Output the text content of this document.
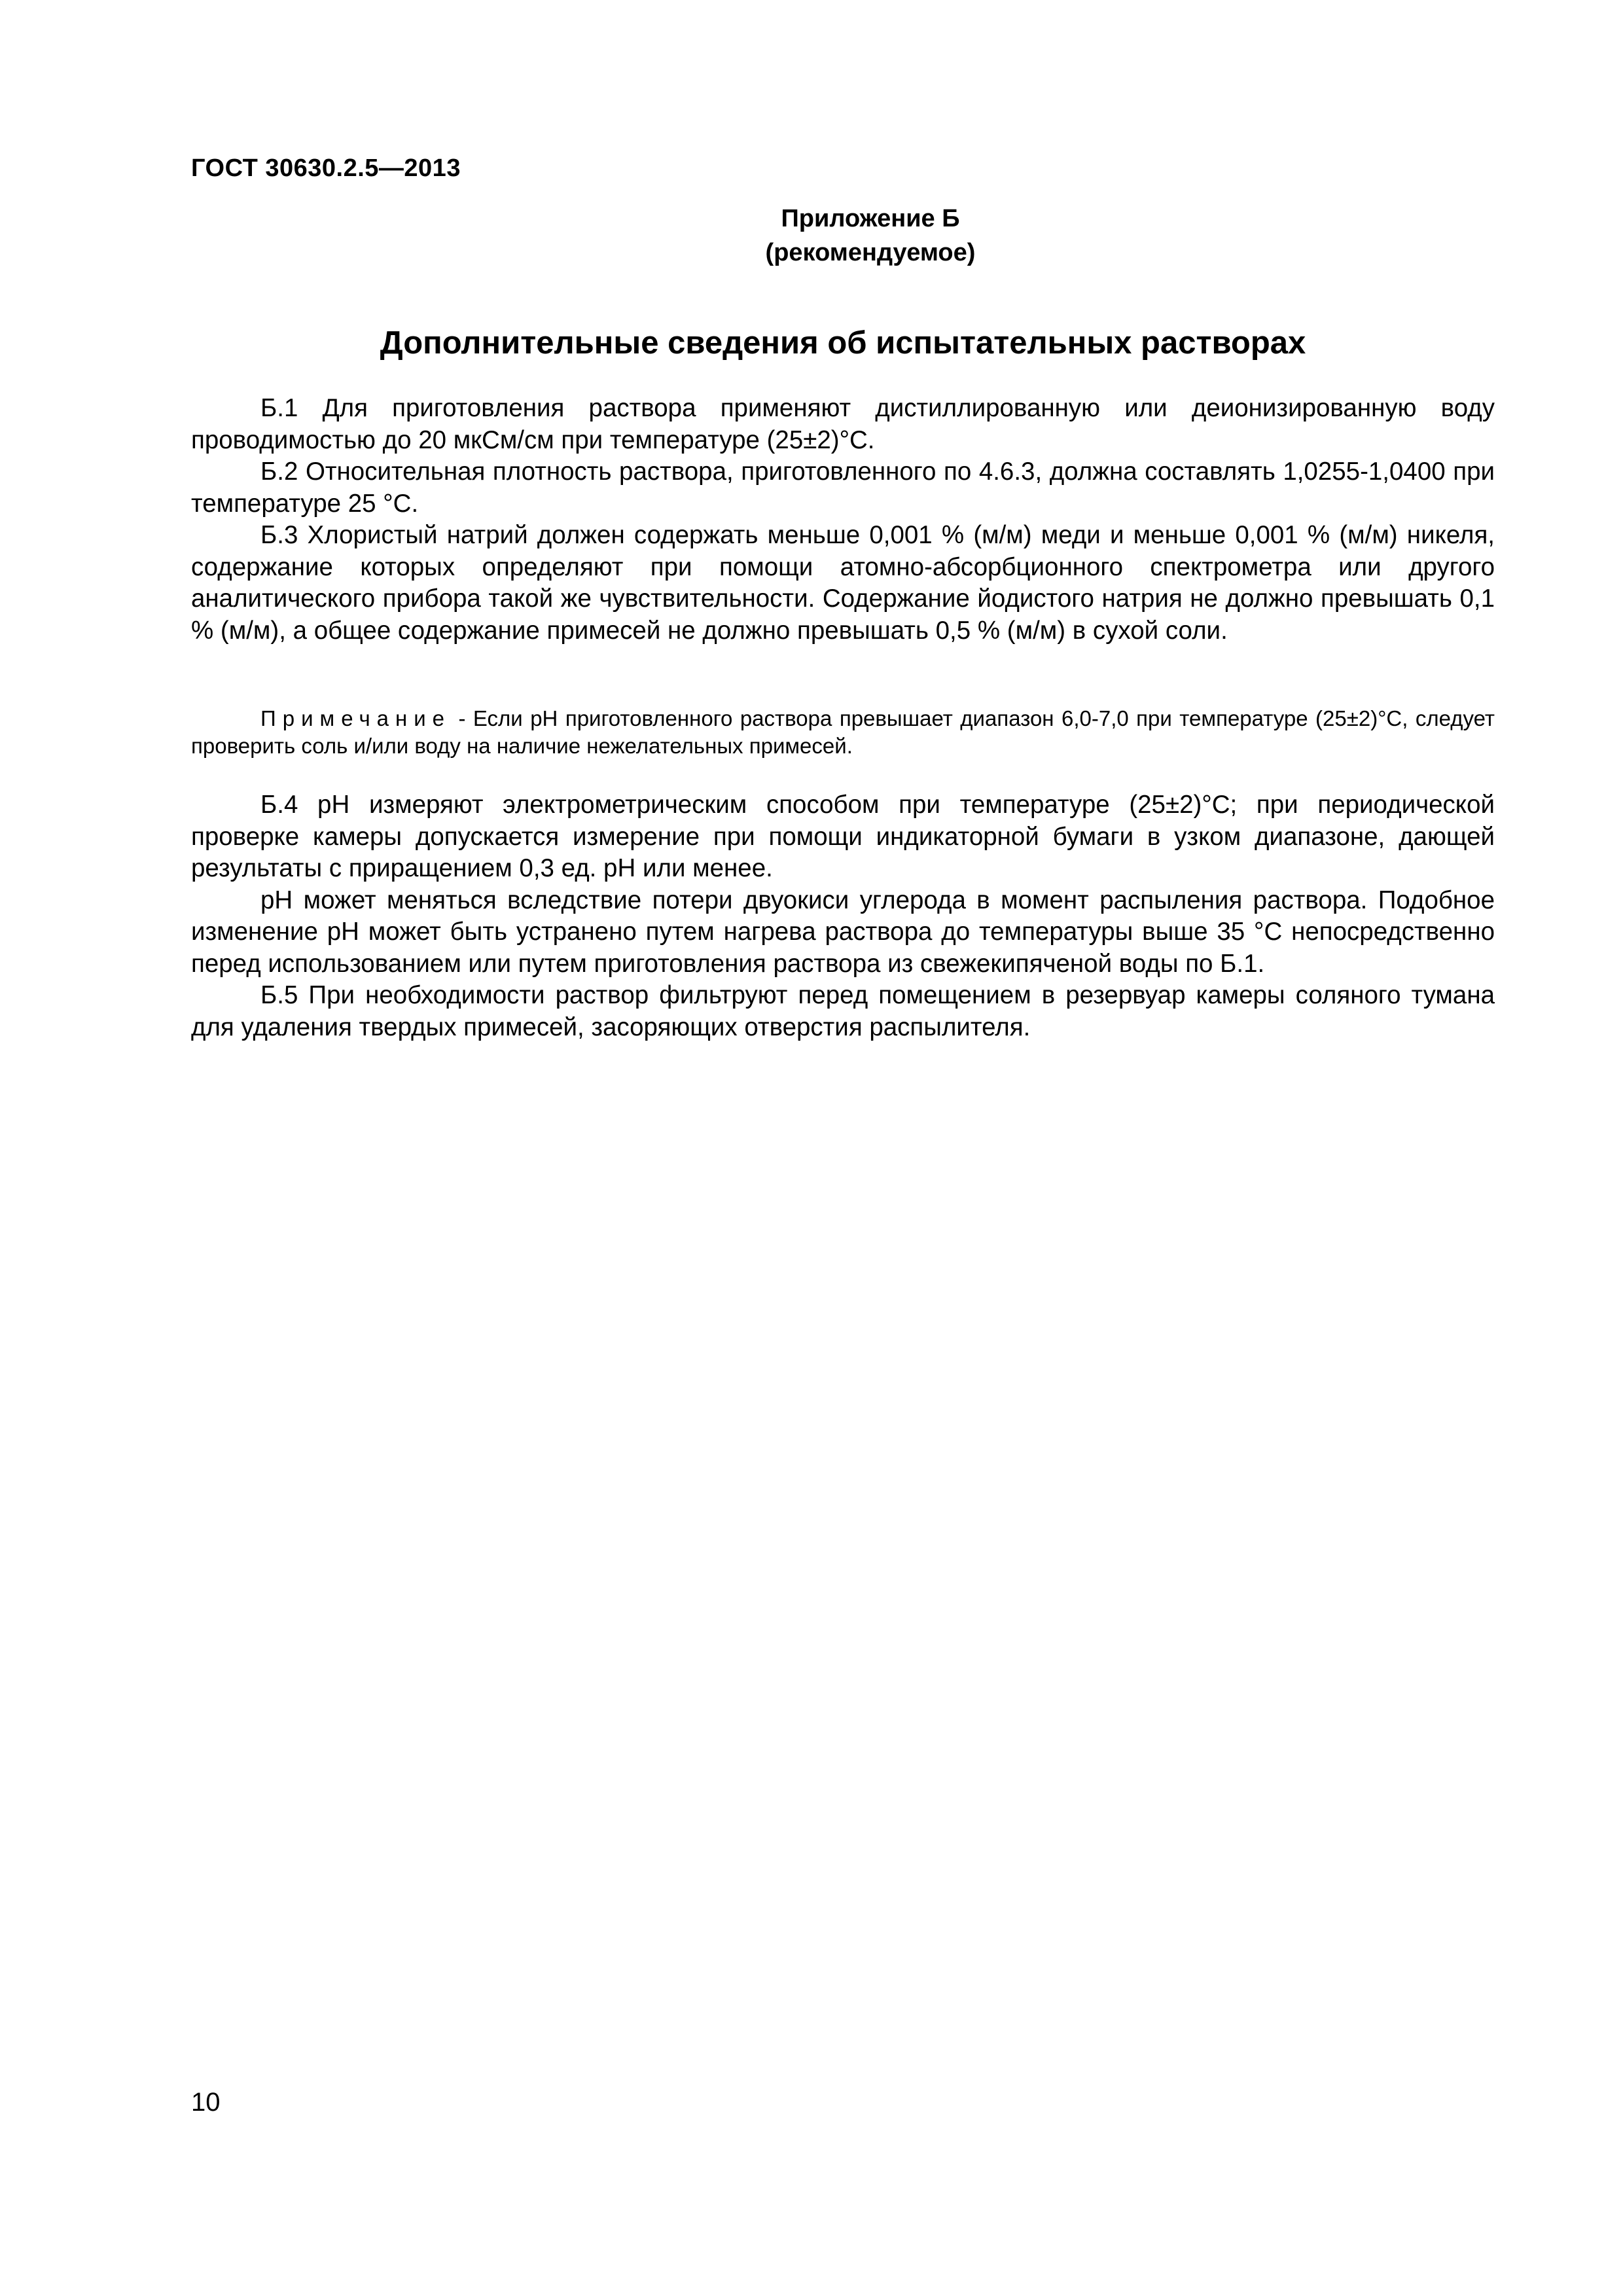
ГОСТ 30630.2.5—2013
Приложение Б
(рекомендуемое)
Дополнительные сведения об испытательных растворах

Б.1 Для приготовления раствора применяют дистиллированную или деионизированную воду проводимостью до 20 мкСм/см при температуре (25±2)°С.

Б.2 Относительная плотность раствора, приготовленного по 4.6.3, должна составлять 1,0255-1,0400 при температуре 25 °С.

Б.3 Хлористый натрий должен содержать меньше 0,001 % (м/м) меди и меньше 0,001 % (м/м) никеля, содержание которых определяют при помощи атомно-абсорбционного спектрометра или другого аналитического прибора такой же чувствительности. Содержание йодистого натрия не должно превышать 0,1 % (м/м), а общее содержание примесей не должно превышать 0,5 % (м/м) в сухой соли.

Примечание - Если рН приготовленного раствора превышает диапазон 6,0-7,0 при температуре (25±2)°С, следует проверить соль и/или воду на наличие нежелательных примесей.

Б.4 рН измеряют электрометрическим способом при температуре (25±2)°С; при периодической проверке камеры допускается измерение при помощи индикаторной бумаги в узком диапазоне, дающей результаты с приращением 0,3 ед. рН или менее.

рН может меняться вследствие потери двуокиси углерода в момент распыления раствора. Подобное изменение рН может быть устранено путем нагрева раствора до температуры выше 35 °С непосредственно перед использованием или путем приготовления раствора из свежекипяченой воды по Б.1.

Б.5 При необходимости раствор фильтруют перед помещением в резервуар камеры соляного тумана для удаления твердых примесей, засоряющих отверстия распылителя.

10
